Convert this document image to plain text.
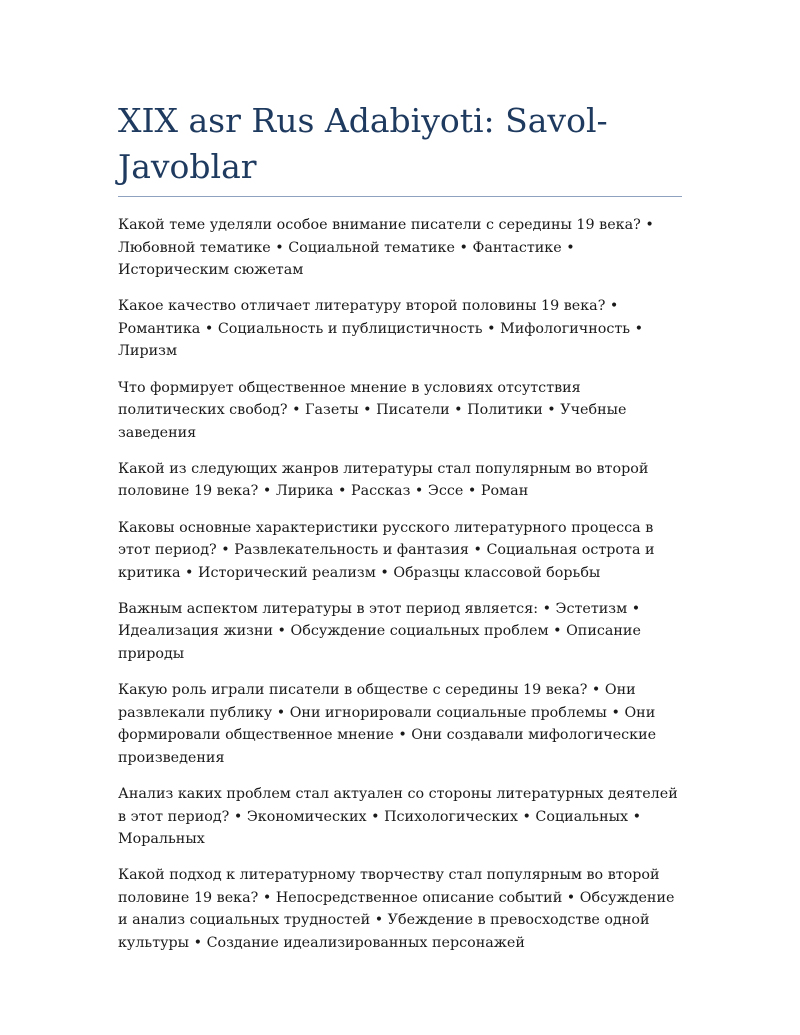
XIX asr Rus Adabiyoti: Savol-Javoblar

Какой теме уделяли особое внимание писатели с середины 19 века? • Любовной тематике • Социальной тематике • Фантастике • Историческим сюжетам

Какое качество отличает литературу второй половины 19 века? • Романтика • Социальность и публицистичность • Мифологичность • Лиризм

Что формирует общественное мнение в условиях отсутствия политических свобод? • Газеты • Писатели • Политики • Учебные заведения

Какой из следующих жанров литературы стал популярным во второй половине 19 века? • Лирика • Рассказ • Эссе • Роман

Каковы основные характеристики русского литературного процесса в этот период? • Развлекательность и фантазия • Социальная острота и критика • Исторический реализм • Образцы классовой борьбы

Важным аспектом литературы в этот период является: • Эстетизм • Идеализация жизни • Обсуждение социальных проблем • Описание природы

Какую роль играли писатели в обществе с середины 19 века? • Они развлекали публику • Они игнорировали социальные проблемы • Они формировали общественное мнение • Они создавали мифологические произведения

Анализ каких проблем стал актуален со стороны литературных деятелей в этот период? • Экономических • Психологических • Социальных • Моральных

Какой подход к литературному творчеству стал популярным во второй половине 19 века? • Непосредственное описание событий • Обсуждение и анализ социальных трудностей • Убеждение в превосходстве одной культуры • Создание идеализированных персонажей
